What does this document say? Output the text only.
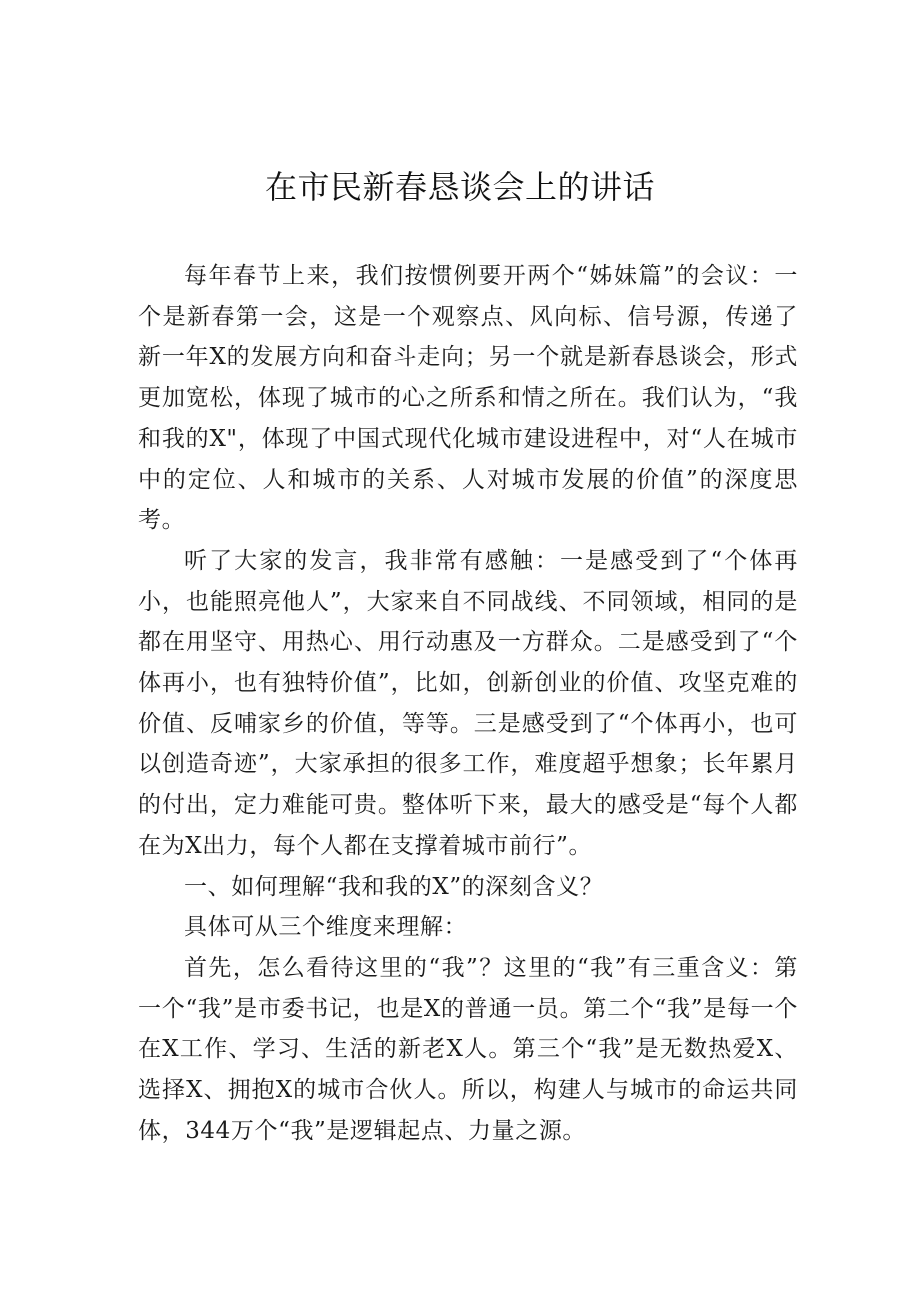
在市民新春恳谈会上的讲话

每年春节上来，我们按惯例要开两个“姊妹篇”的会议：一个是新春第一会，这是一个观察点、风向标、信号源，传递了新一年X的发展方向和奋斗走向；另一个就是新春恳谈会，形式更加宽松，体现了城市的心之所系和情之所在。我们认为，“我和我的X"，体现了中国式现代化城市建设进程中，对“人在城市中的定位、人和城市的关系、人对城市发展的价值”的深度思考。

听了大家的发言，我非常有感触：一是感受到了“个体再小，也能照亮他人”，大家来自不同战线、不同领域，相同的是都在用坚守、用热心、用行动惠及一方群众。二是感受到了“个体再小，也有独特价值”，比如，创新创业的价值、攻坚克难的价值、反哺家乡的价值，等等。三是感受到了“个体再小，也可以创造奇迹”，大家承担的很多工作，难度超乎想象；长年累月的付出，定力难能可贵。整体听下来，最大的感受是“每个人都在为X出力，每个人都在支撑着城市前行”。

一、如何理解“我和我的X”的深刻含义？

具体可从三个维度来理解：

首先，怎么看待这里的“我”？这里的“我”有三重含义：第一个“我”是市委书记，也是X的普通一员。第二个“我”是每一个在X工作、学习、生活的新老X人。第三个“我”是无数热爱X、选择X、拥抱X的城市合伙人。所以，构建人与城市的命运共同体，344万个“我”是逻辑起点、力量之源。
